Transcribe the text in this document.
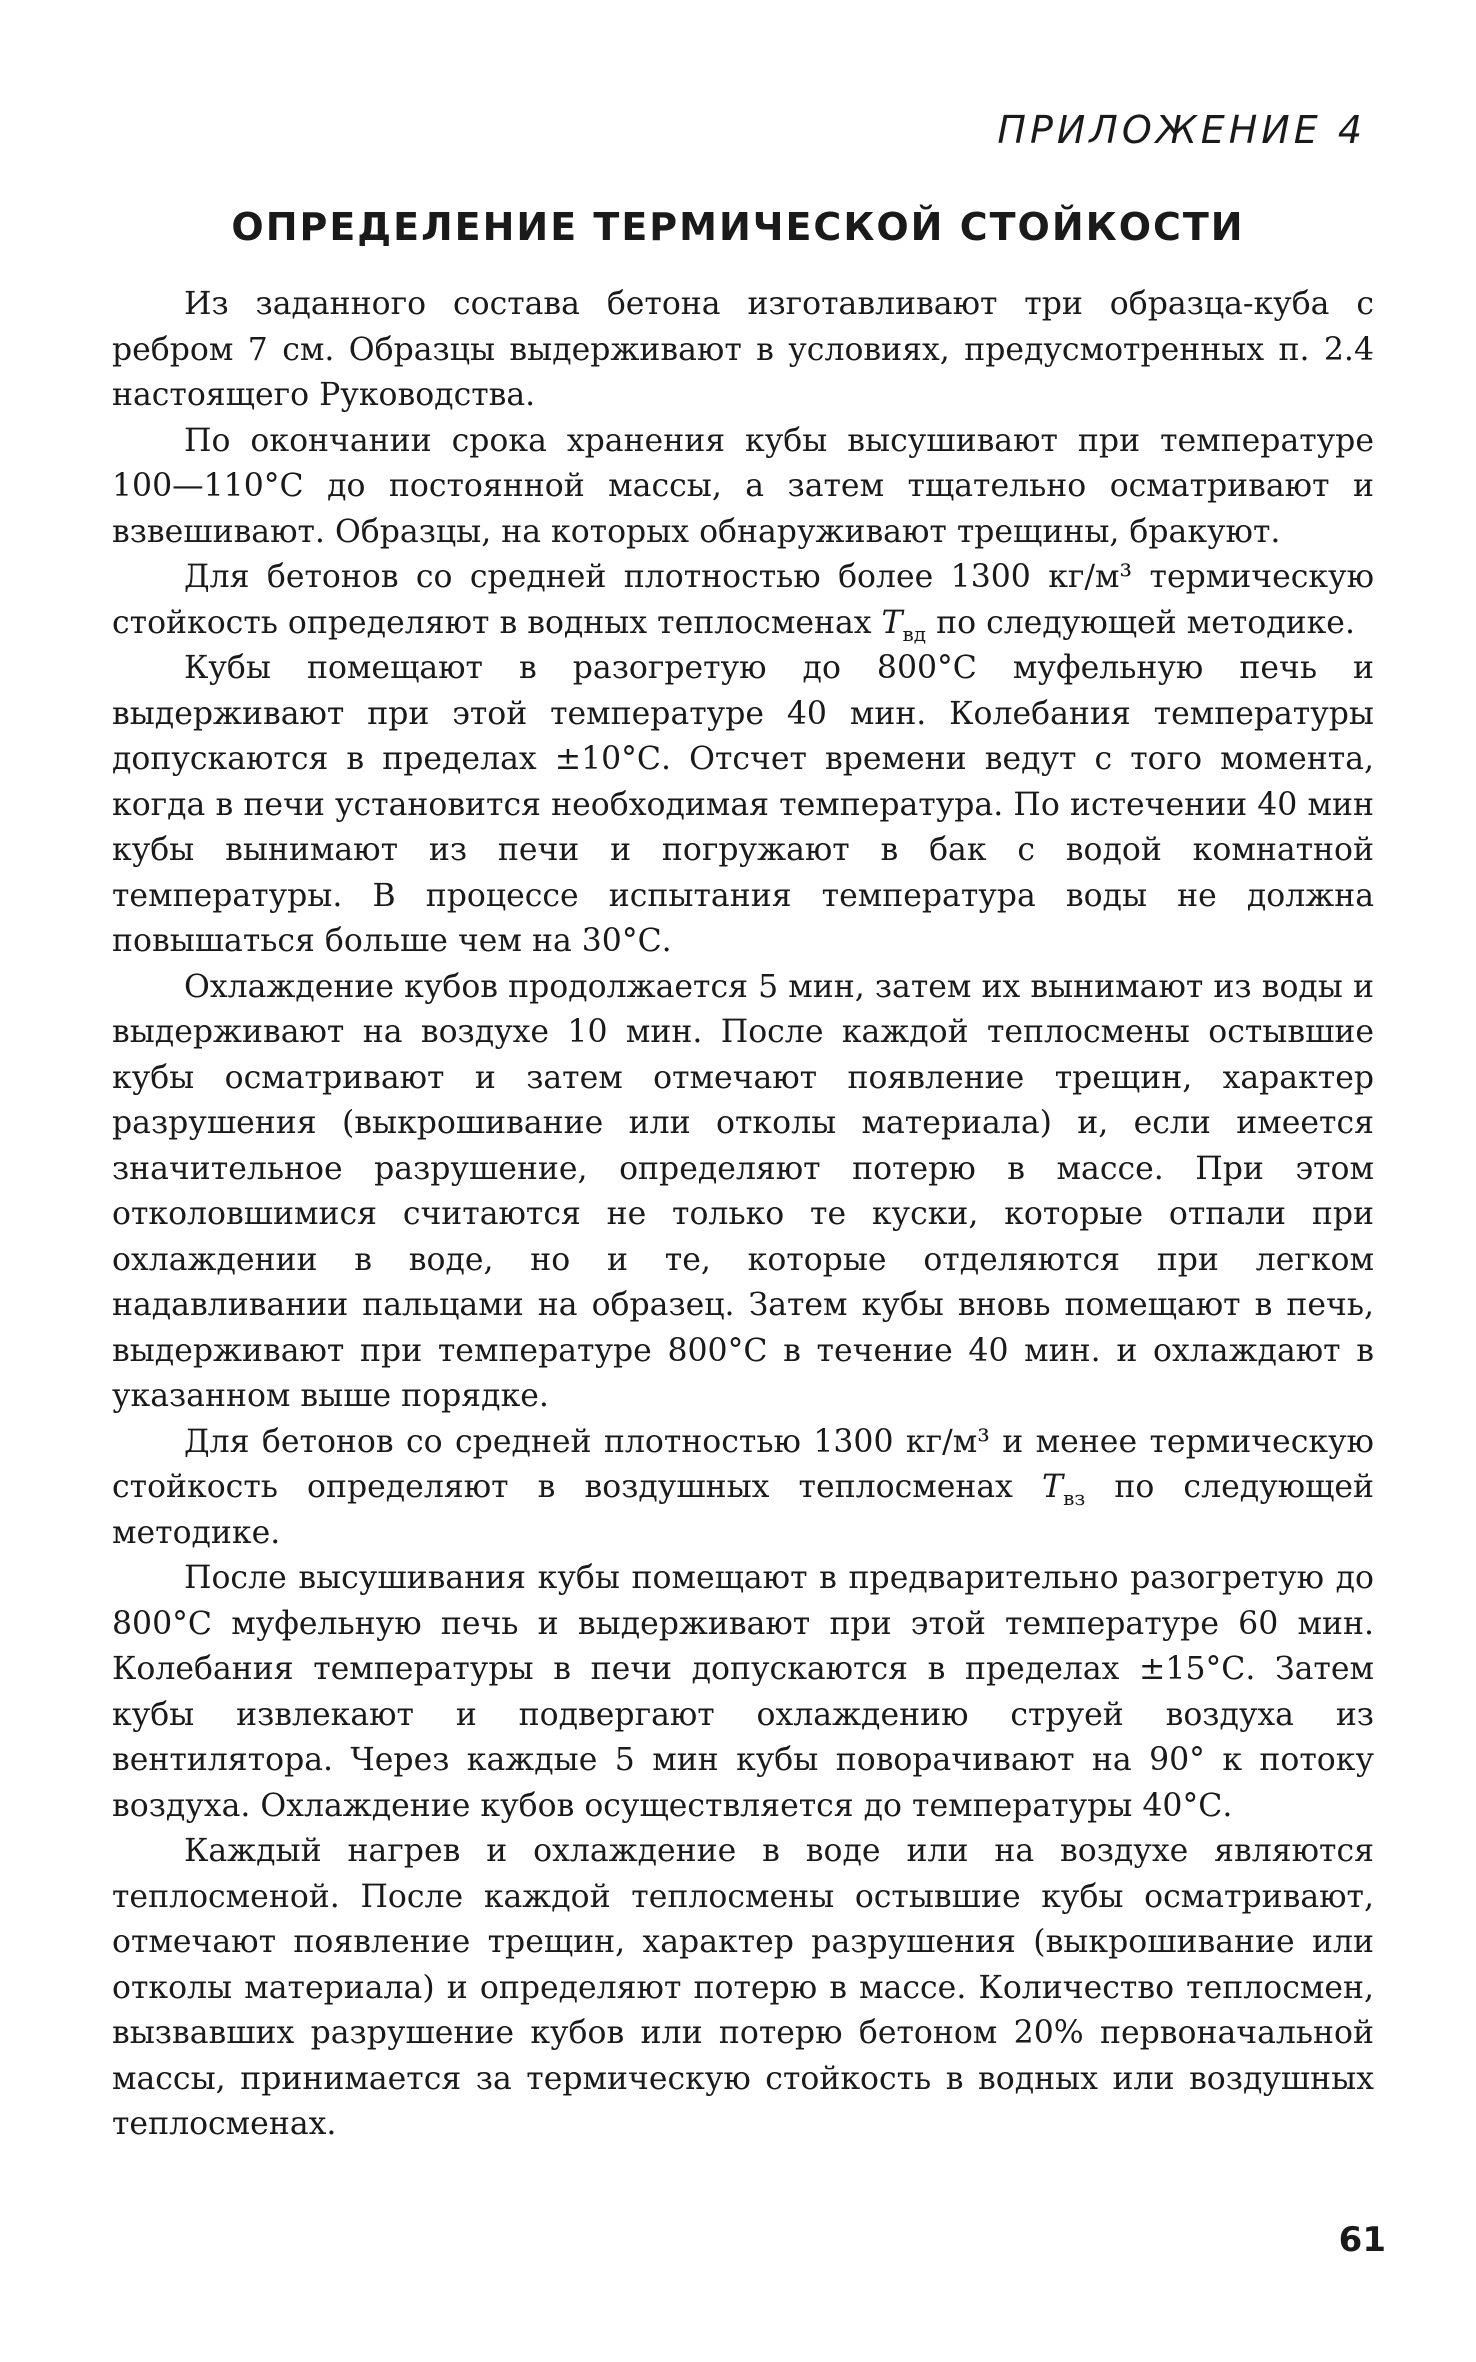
ПРИЛОЖЕНИЕ 4
ОПРЕДЕЛЕНИЕ ТЕРМИЧЕСКОЙ СТОЙКОСТИ

Из заданного состава бетона изготавливают три образца-куба с ребром 7 см. Образцы выдерживают в условиях, предусмотренных п. 2.4 настоящего Руководства.

По окончании срока хранения кубы высушивают при температуре 100—110°С до постоянной массы, а затем тщательно осматривают и взвешивают. Образцы, на которых обнаруживают трещины, бракуют.

Для бетонов со средней плотностью более 1300 кг/м³ термическую стойкость определяют в водных теплосменах $T_{вд}$ по следующей методике.

Кубы помещают в разогретую до 800°С муфельную печь и выдерживают при этой температуре 40 мин. Колебания температуры допускаются в пределах ±10°С. Отсчет времени ведут с того момента, когда в печи установится необходимая температура. По истечении 40 мин кубы вынимают из печи и погружают в бак с водой комнатной температуры. В процессе испытания температура воды не должна повышаться больше чем на 30°С.

Охлаждение кубов продолжается 5 мин, затем их вынимают из воды и выдерживают на воздухе 10 мин. После каждой теплосмены остывшие кубы осматривают и затем отмечают появление трещин, характер разрушения (выкрошивание или отколы материала) и, если имеется значительное разрушение, определяют потерю в массе. При этом отколовшимися считаются не только те куски, которые отпали при охлаждении в воде, но и те, которые отделяются при легком надавливании пальцами на образец. Затем кубы вновь помещают в печь, выдерживают при температуре 800°С в течение 40 мин. и охлаждают в указанном выше порядке.

Для бетонов со средней плотностью 1300 кг/м³ и менее термическую стойкость определяют в воздушных теплосменах $T_{вз}$ по следующей методике.

После высушивания кубы помещают в предварительно разогретую до 800°С муфельную печь и выдерживают при этой температуре 60 мин. Колебания температуры в печи допускаются в пределах ±15°С. Затем кубы извлекают и подвергают охлаждению струей воздуха из вентилятора. Через каждые 5 мин кубы поворачивают на 90° к потоку воздуха. Охлаждение кубов осуществляется до температуры 40°С.

Каждый нагрев и охлаждение в воде или на воздухе являются теплосменой. После каждой теплосмены остывшие кубы осматривают, отмечают появление трещин, характер разрушения (выкрошивание или отколы материала) и определяют потерю в массе. Количество теплосмен, вызвавших разрушение кубов или потерю бетоном 20% первоначальной массы, принимается за термическую стойкость в водных или воздушных теплосменах.

61
